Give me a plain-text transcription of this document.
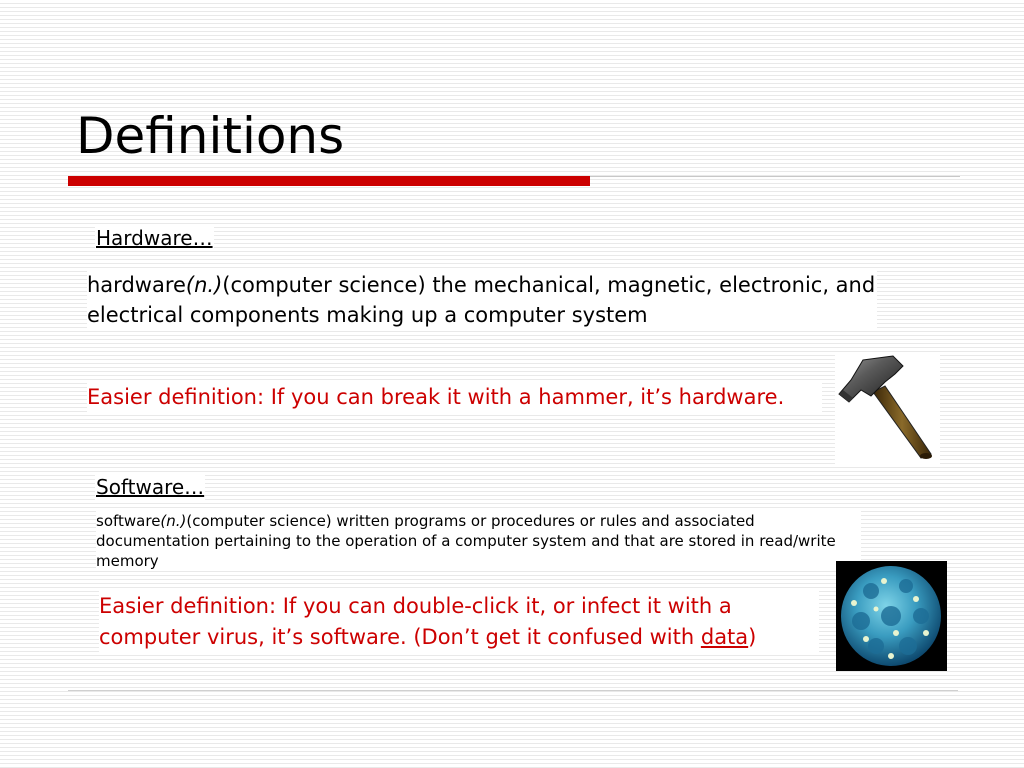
Definitions
Hardware…
hardware(n.)(computer science) the mechanical, magnetic, electronic, and electrical components making up a computer system
Easier definition: If you can break it with a hammer, it’s hardware.
Software…
software(n.)(computer science) written programs or procedures or rules and associated documentation pertaining to the operation of a computer system and that are stored in read/write memory
Easier definition: If you can double-click it, or infect it with a computer virus, it’s software. (Don’t get it confused with data)
